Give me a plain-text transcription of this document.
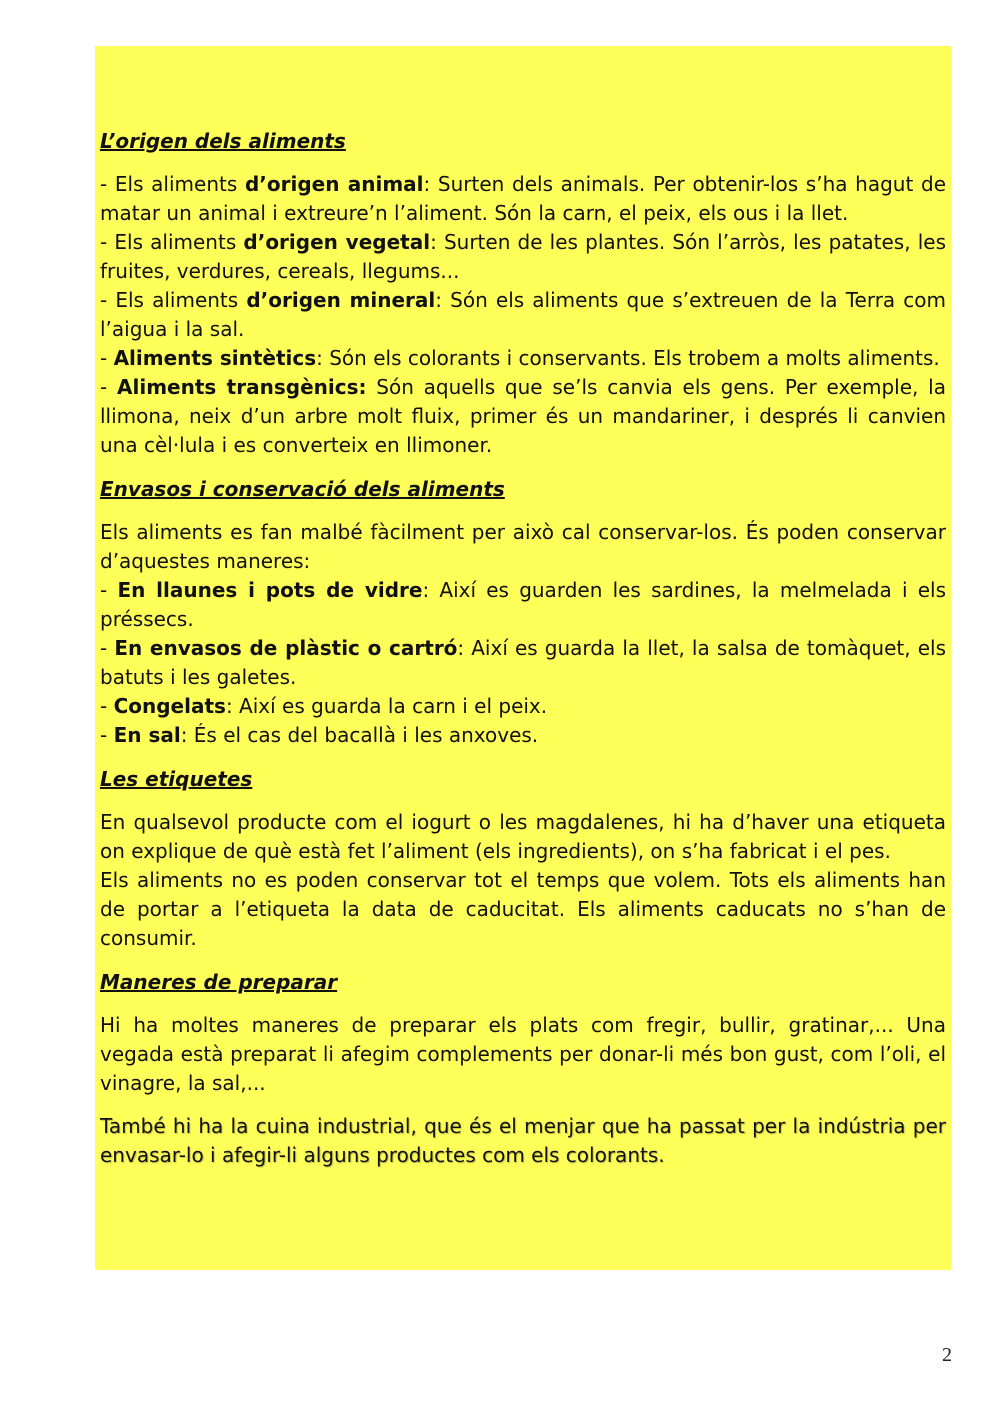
L’origen dels aliments
- Els aliments d’origen animal: Surten dels animals. Per obtenir-los s’ha hagut de matar un animal i extreure’n l’aliment. Són la carn, el peix, els ous i la llet.
- Els aliments d’origen vegetal: Surten de les plantes. Són l’arròs, les patates, les fruites, verdures, cereals, llegums...
- Els aliments d’origen mineral: Són els aliments que s’extreuen de la Terra com l’aigua i la sal.
- Aliments sintètics: Són els colorants i conservants. Els trobem a molts aliments.
- Aliments transgènics: Són aquells que se’ls canvia els gens. Per exemple, la llimona, neix d’un arbre molt fluix, primer és un mandariner, i després li canvien una cèl·lula i es converteix en llimoner.
Envasos i conservació dels aliments
Els aliments es fan malbé fàcilment per això cal conservar-los. És poden conservar d’aquestes maneres:
- En llaunes i pots de vidre: Així es guarden les sardines, la melmelada i els préssecs.
- En envasos de plàstic o cartró: Així es guarda la llet, la salsa de tomàquet, els batuts i les galetes.
- Congelats: Així es guarda la carn i el peix.
- En sal: És el cas del bacallà i les anxoves.
Les etiquetes
En qualsevol producte com el iogurt o les magdalenes, hi ha d’haver una etiqueta on explique de què està fet l’aliment (els ingredients), on s’ha fabricat i el pes.
Els aliments no es poden conservar tot el temps que volem. Tots els aliments han de portar a l’etiqueta la data de caducitat. Els aliments caducats no s’han de consumir.
Maneres de preparar
Hi ha moltes maneres de preparar els plats com fregir, bullir, gratinar,... Una vegada està preparat li afegim complements per donar-li més bon gust, com l’oli, el vinagre, la sal,...
També hi ha la cuina industrial, que és el menjar que ha passat per la indústria per envasar-lo i afegir-li alguns productes com els colorants.
2
